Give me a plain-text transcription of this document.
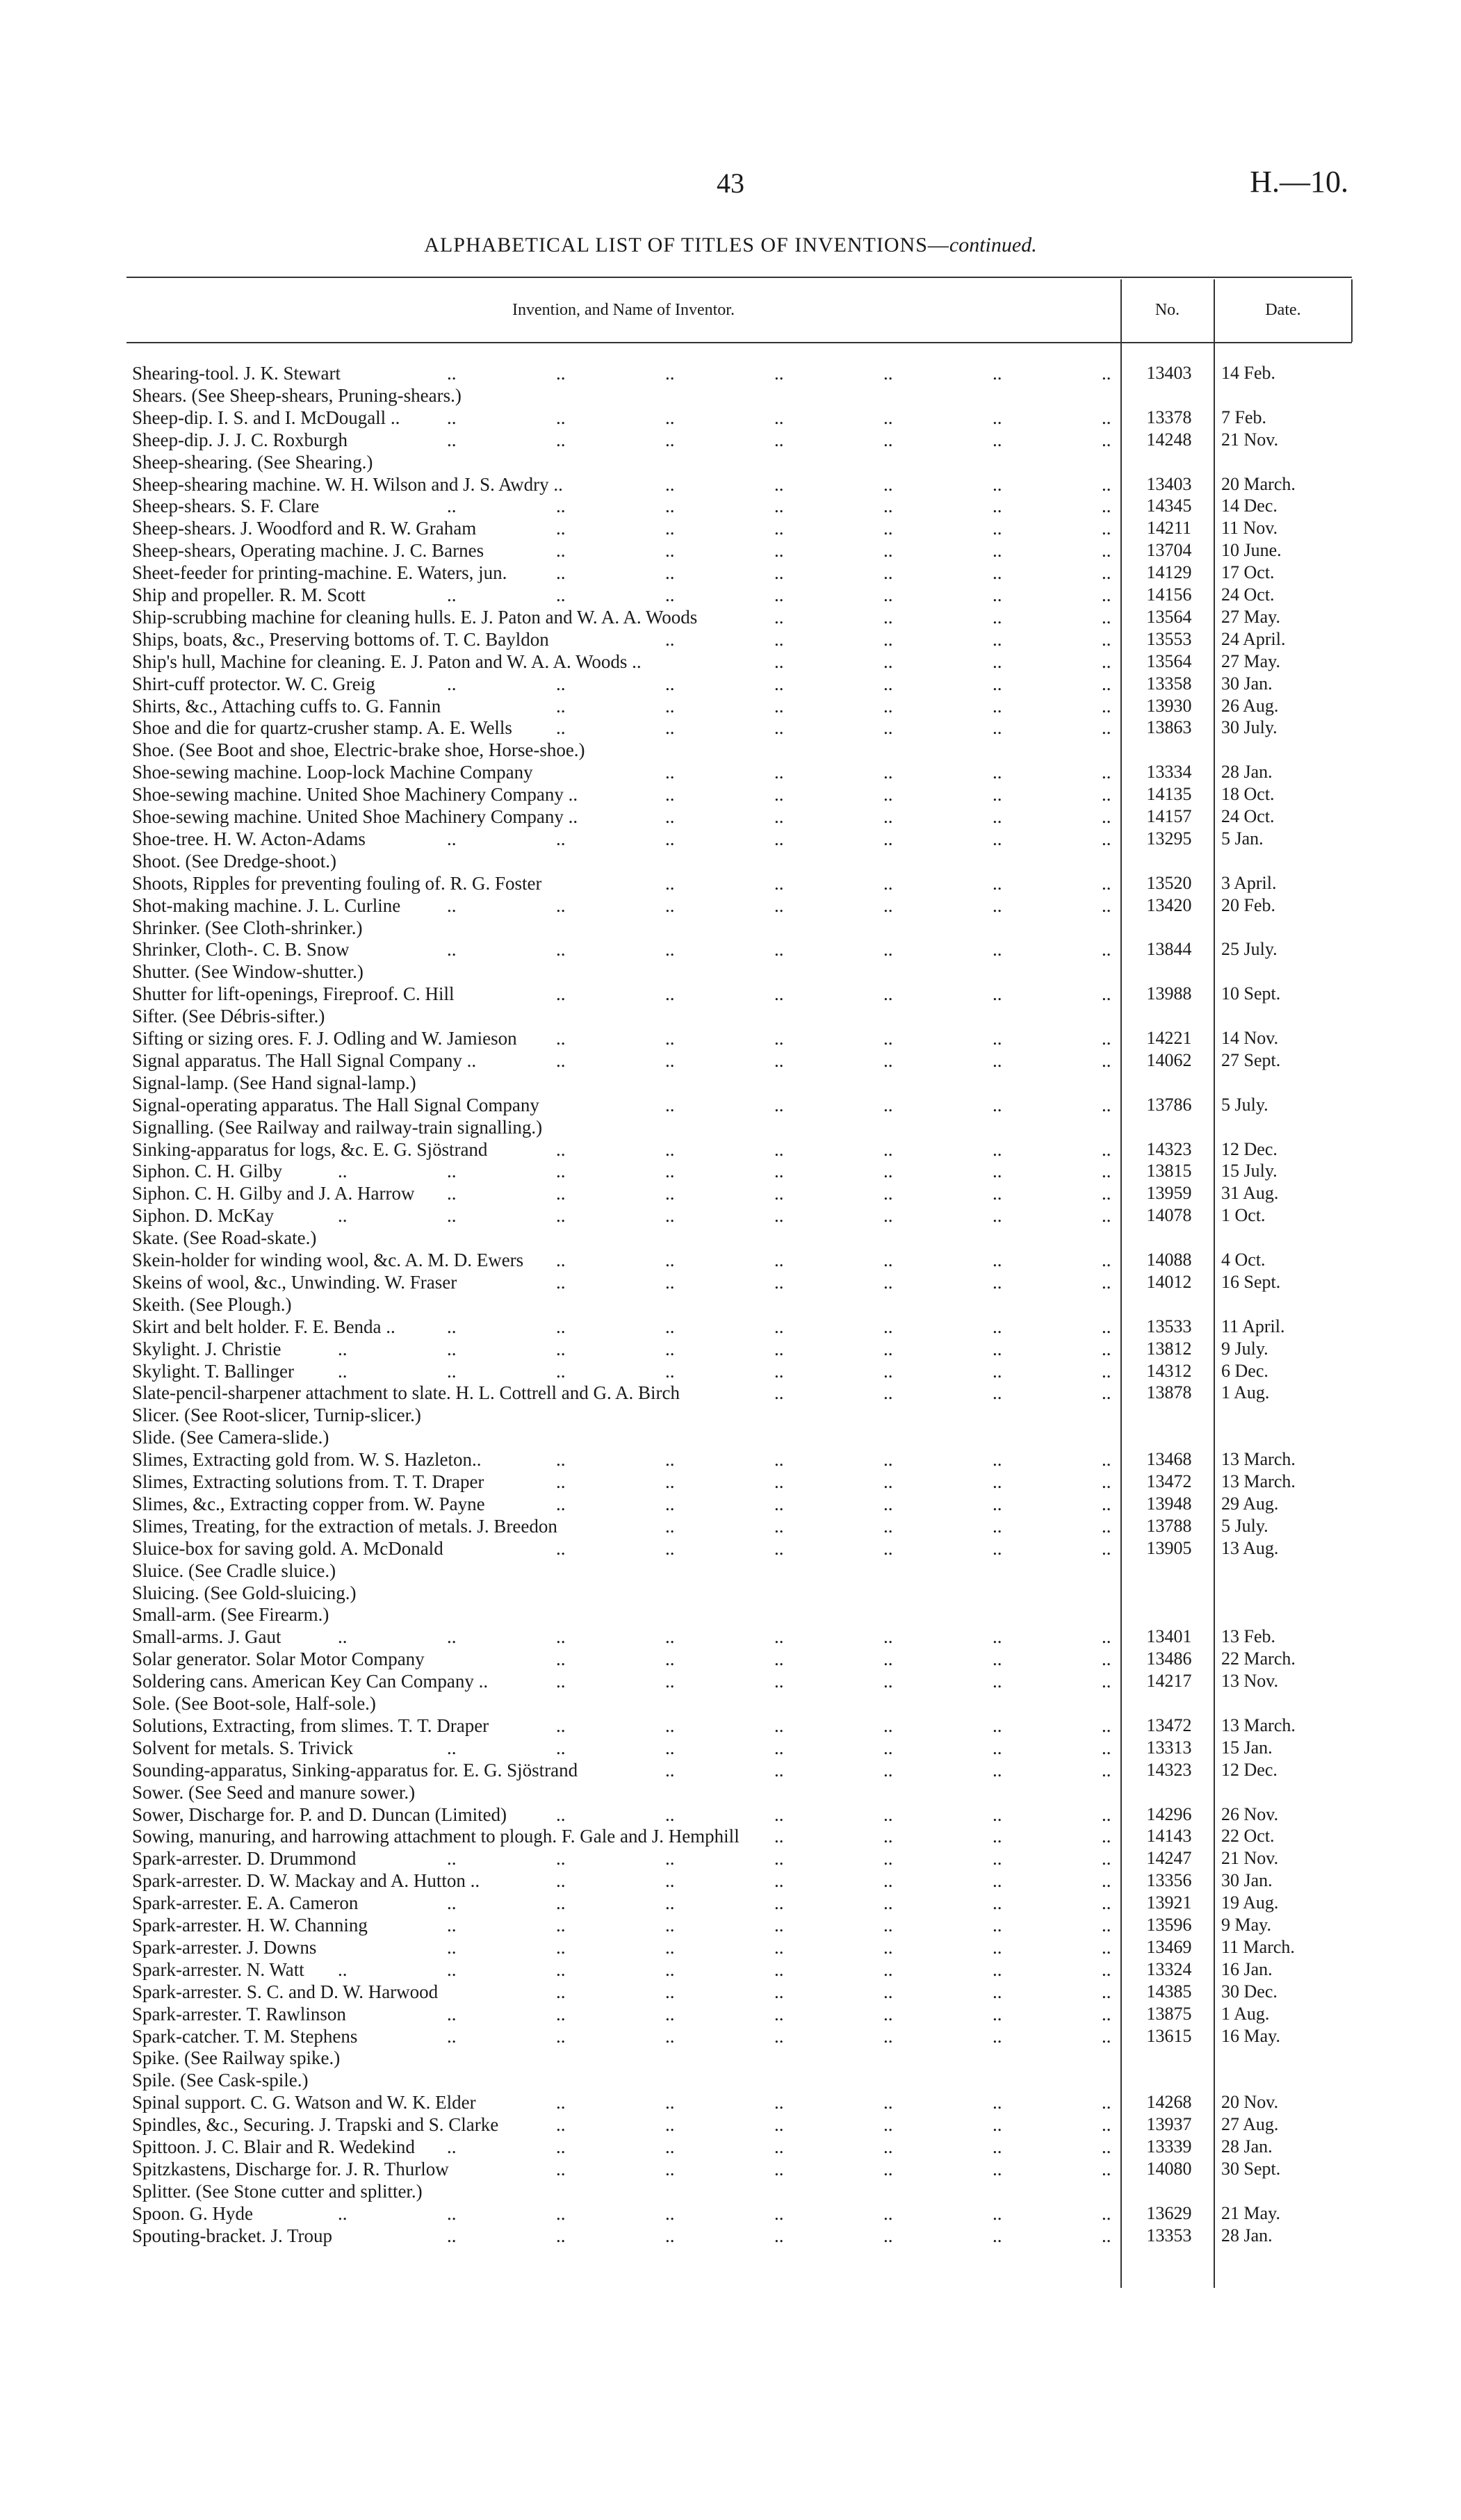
43	H.—10.
ALPHABETICAL LIST OF TITLES OF INVENTIONS—continued.
Invention, and Name of Inventor.	No.	Date.
..	..	..	..	..	..	..
Shearing-tool. J. K. Stewart	13403	14 Feb.
Shears. (See Sheep-shears, Pruning-shears.)
..	..	..	..	..	..	..
Sheep-dip. I. S. and I. McDougall ..	13378	7 Feb.
..	..	..	..	..	..	..
Sheep-dip. J. J. C. Roxburgh	14248	21 Nov.
Sheep-shearing. (See Shearing.)
..	..	..	..	..
Sheep-shearing machine. W. H. Wilson and J. S. Awdry ..	13403	20 March.
..	..	..	..	..	..	..
Sheep-shears. S. F. Clare	14345	14 Dec.
..	..	..	..	..	..
Sheep-shears. J. Woodford and R. W. Graham	14211	11 Nov.
..	..	..	..	..	..
Sheep-shears, Operating machine. J. C. Barnes	13704	10 June.
..	..	..	..	..	..
Sheet-feeder for printing-machine. E. Waters, jun.	14129	17 Oct.
..	..	..	..	..	..	..
Ship and propeller. R. M. Scott	14156	24 Oct.
..	..	..	..
Ship-scrubbing machine for cleaning hulls. E. J. Paton and W. A. A. Woods	13564	27 May.
..	..	..	..	..
Ships, boats, &c., Preserving bottoms of. T. C. Bayldon	13553	24 April.
..	..	..	..
Ship's hull, Machine for cleaning. E. J. Paton and W. A. A. Woods ..	13564	27 May.
..	..	..	..	..	..	..
Shirt-cuff protector. W. C. Greig	13358	30 Jan.
..	..	..	..	..	..
Shirts, &c., Attaching cuffs to. G. Fannin	13930	26 Aug.
..	..	..	..	..	..
Shoe and die for quartz-crusher stamp. A. E. Wells	13863	30 July.
Shoe. (See Boot and shoe, Electric-brake shoe, Horse-shoe.)
..	..	..	..	..
Shoe-sewing machine. Loop-lock Machine Company	13334	28 Jan.
..	..	..	..	..
Shoe-sewing machine. United Shoe Machinery Company ..	14135	18 Oct.
..	..	..	..	..
Shoe-sewing machine. United Shoe Machinery Company ..	14157	24 Oct.
..	..	..	..	..	..	..
Shoe-tree. H. W. Acton-Adams	13295	5 Jan.
Shoot. (See Dredge-shoot.)
..	..	..	..	..
Shoots, Ripples for preventing fouling of. R. G. Foster	13520	3 April.
..	..	..	..	..	..	..
Shot-making machine. J. L. Curline	13420	20 Feb.
Shrinker. (See Cloth-shrinker.)
..	..	..	..	..	..	..
Shrinker, Cloth-. C. B. Snow	13844	25 July.
Shutter. (See Window-shutter.)
..	..	..	..	..	..
Shutter for lift-openings, Fireproof. C. Hill	13988	10 Sept.
Sifter. (See Débris-sifter.)
..	..	..	..	..	..
Sifting or sizing ores. F. J. Odling and W. Jamieson	14221	14 Nov.
..	..	..	..	..	..
Signal apparatus. The Hall Signal Company ..	14062	27 Sept.
Signal-lamp. (See Hand signal-lamp.)
..	..	..	..	..
Signal-operating apparatus. The Hall Signal Company	13786	5 July.
Signalling. (See Railway and railway-train signalling.)
..	..	..	..	..	..
Sinking-apparatus for logs, &c. E. G. Sjöstrand	14323	12 Dec.
..	..	..	..	..	..	..	..
Siphon. C. H. Gilby	13815	15 July.
..	..	..	..	..	..	..
Siphon. C. H. Gilby and J. A. Harrow	13959	31 Aug.
..	..	..	..	..	..	..	..
Siphon. D. McKay	14078	1 Oct.
Skate. (See Road-skate.)
..	..	..	..	..	..
Skein-holder for winding wool, &c. A. M. D. Ewers	14088	4 Oct.
..	..	..	..	..	..
Skeins of wool, &c., Unwinding. W. Fraser	14012	16 Sept.
Skeith. (See Plough.)
..	..	..	..	..	..	..
Skirt and belt holder. F. E. Benda ..	13533	11 April.
..	..	..	..	..	..	..	..
Skylight. J. Christie	13812	9 July.
..	..	..	..	..	..	..	..
Skylight. T. Ballinger	14312	6 Dec.
..	..	..	..
Slate-pencil-sharpener attachment to slate. H. L. Cottrell and G. A. Birch	13878	1 Aug.
Slicer. (See Root-slicer, Turnip-slicer.)
Slide. (See Camera-slide.)
..	..	..	..	..	..
Slimes, Extracting gold from. W. S. Hazleton..	13468	13 March.
..	..	..	..	..	..
Slimes, Extracting solutions from. T. T. Draper	13472	13 March.
..	..	..	..	..	..
Slimes, &c., Extracting copper from. W. Payne	13948	29 Aug.
..	..	..	..	..
Slimes, Treating, for the extraction of metals. J. Breedon	13788	5 July.
..	..	..	..	..	..
Sluice-box for saving gold. A. McDonald	13905	13 Aug.
Sluice. (See Cradle sluice.)
Sluicing. (See Gold-sluicing.)
Small-arm. (See Firearm.)
..	..	..	..	..	..	..	..
Small-arms. J. Gaut	13401	13 Feb.
..	..	..	..	..	..
Solar generator. Solar Motor Company	13486	22 March.
..	..	..	..	..	..
Soldering cans. American Key Can Company ..	14217	13 Nov.
Sole. (See Boot-sole, Half-sole.)
..	..	..	..	..	..
Solutions, Extracting, from slimes. T. T. Draper	13472	13 March.
..	..	..	..	..	..	..
Solvent for metals. S. Trivick	13313	15 Jan.
..	..	..	..	..
Sounding-apparatus, Sinking-apparatus for. E. G. Sjöstrand	14323	12 Dec.
Sower. (See Seed and manure sower.)
..	..	..	..	..	..
Sower, Discharge for. P. and D. Duncan (Limited)	14296	26 Nov.
..	..	..	..
Sowing, manuring, and harrowing attachment to plough. F. Gale and J. Hemphill	14143	22 Oct.
..	..	..	..	..	..	..
Spark-arrester. D. Drummond	14247	21 Nov.
..	..	..	..	..	..
Spark-arrester. D. W. Mackay and A. Hutton ..	13356	30 Jan.
..	..	..	..	..	..	..
Spark-arrester. E. A. Cameron	13921	19 Aug.
..	..	..	..	..	..	..
Spark-arrester. H. W. Channing	13596	9 May.
..	..	..	..	..	..	..
Spark-arrester. J. Downs	13469	11 March.
..	..	..	..	..	..	..	..
Spark-arrester. N. Watt	13324	16 Jan.
..	..	..	..	..	..
Spark-arrester. S. C. and D. W. Harwood	14385	30 Dec.
..	..	..	..	..	..	..
Spark-arrester. T. Rawlinson	13875	1 Aug.
..	..	..	..	..	..	..
Spark-catcher. T. M. Stephens	13615	16 May.
Spike. (See Railway spike.)
Spile. (See Cask-spile.)
..	..	..	..	..	..
Spinal support. C. G. Watson and W. K. Elder	14268	20 Nov.
..	..	..	..	..	..
Spindles, &c., Securing. J. Trapski and S. Clarke	13937	27 Aug.
..	..	..	..	..	..	..
Spittoon. J. C. Blair and R. Wedekind	13339	28 Jan.
..	..	..	..	..	..
Spitzkastens, Discharge for. J. R. Thurlow	14080	30 Sept.
Splitter. (See Stone cutter and splitter.)
..	..	..	..	..	..	..	..
Spoon. G. Hyde	13629	21 May.
..	..	..	..	..	..	..
Spouting-bracket. J. Troup	13353	28 Jan.
